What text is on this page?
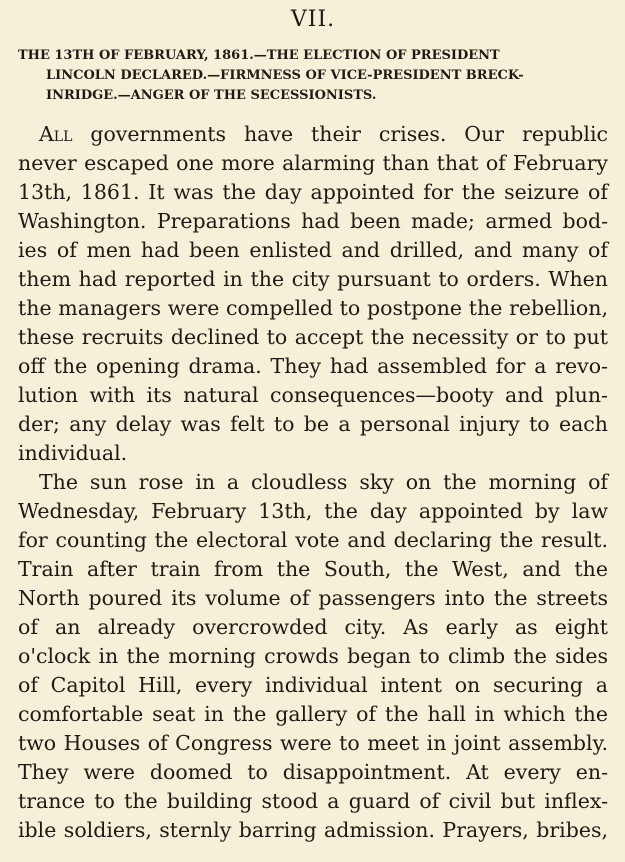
VII.
THE 13TH OF FEBRUARY, 1861.—THE ELECTION OF PRESIDENT
LINCOLN DECLARED.—FIRMNESS OF VICE-PRESIDENT BRECK-
INRIDGE.—ANGER OF THE SECESSIONISTS.
All governments have their crises. Our republic
never escaped one more alarming than that of February
13th, 1861. It was the day appointed for the seizure of
Washington. Preparations had been made; armed bod-
ies of men had been enlisted and drilled, and many of
them had reported in the city pursuant to orders. When
the managers were compelled to postpone the rebellion,
these recruits declined to accept the necessity or to put
off the opening drama. They had assembled for a revo-
lution with its natural consequences—booty and plun-
der; any delay was felt to be a personal injury to each
individual.
The sun rose in a cloudless sky on the morning of
Wednesday, February 13th, the day appointed by law
for counting the electoral vote and declaring the result.
Train after train from the South, the West, and the
North poured its volume of passengers into the streets
of an already overcrowded city. As early as eight
o'clock in the morning crowds began to climb the sides
of Capitol Hill, every individual intent on securing a
comfortable seat in the gallery of the hall in which the
two Houses of Congress were to meet in joint assembly.
They were doomed to disappointment. At every en-
trance to the building stood a guard of civil but inflex-
ible soldiers, sternly barring admission. Prayers, bribes,
